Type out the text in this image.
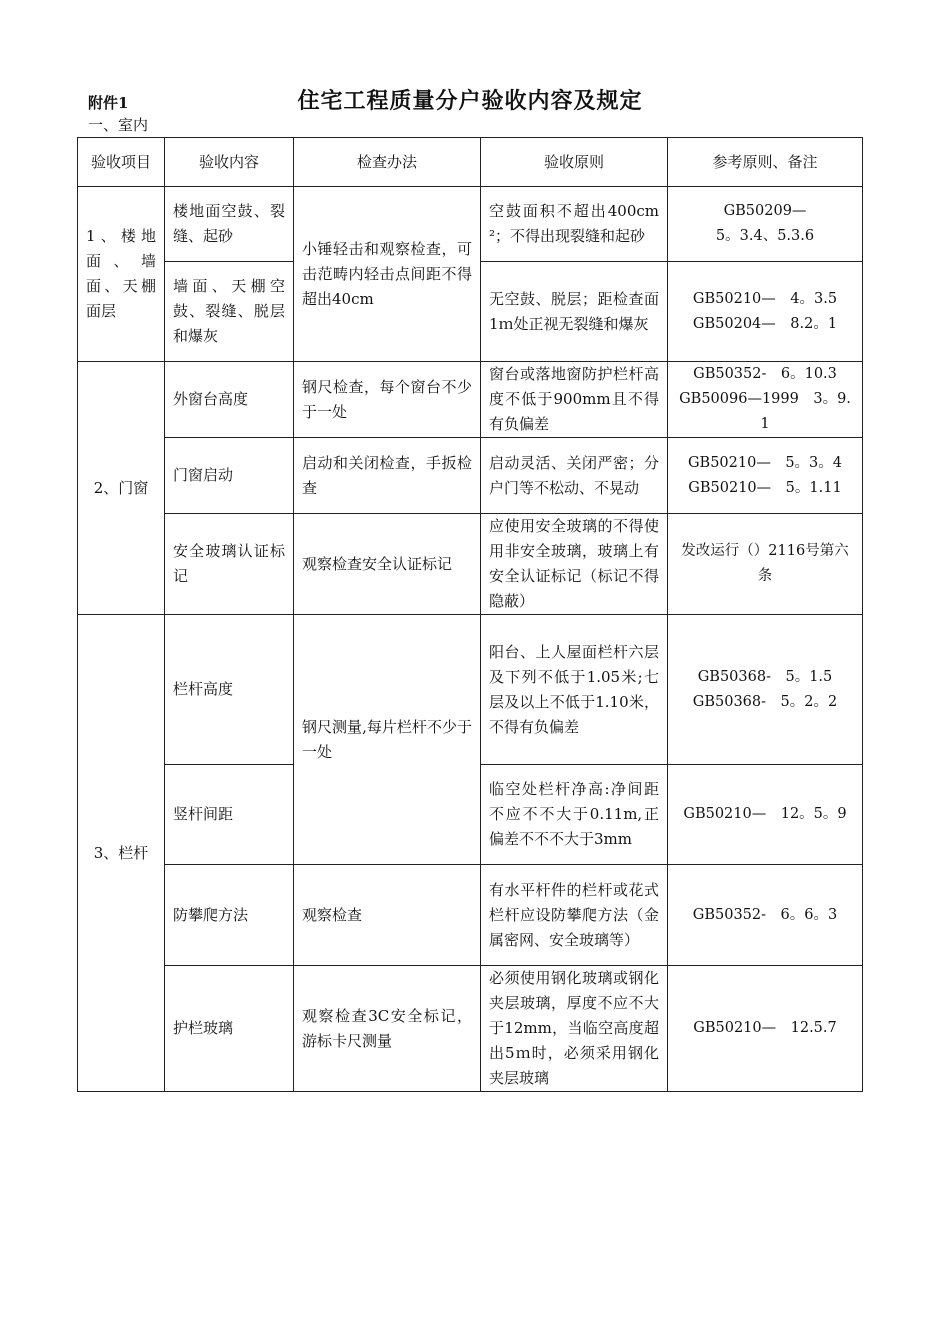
附件1	住宅工程质量分户验收内容及规定
一、室内
验收项目	验收内容	检查办法	验收原则	参考原则、备注
1、楼地面、墙面、天棚面层	楼地面空鼓、裂缝、起砂	小锤轻击和观察检查，可击范畴内轻击点间距不得超出40cm	空鼓面积不超出400cm²；不得出现裂缝和起砂	GB50209—
5。3.4、5.3.6

	墙面、天棚空鼓、裂缝、脱层和爆灰		无空鼓、脱层；距检查面1ｍ处正视无裂缝和爆灰	GB50210—　4。3.5
GB50204—　8.2。1

2、门窗	外窗台高度	钢尺检查，每个窗台不少于一处	窗台或落地窗防护栏杆高度不低于900mm且不得有负偏差	GB50352-　6。10.3
GB50096—1999　3。9.1

	门窗启动	启动和关闭检查，手扳检查	启动灵活、关闭严密；分户门等不松动、不晃动	GB50210—　5。3。4
GB50210—　5。1.11

	安全玻璃认证标记	观察检查安全认证标记	应使用安全玻璃的不得使用非安全玻璃，玻璃上有安全认证标记（标记不得隐蔽）	发改运行（）2116号第六条

3、栏杆	栏杆高度	钢尺测量,每片栏杆不少于一处	阳台、上人屋面栏杆六层及下列不低于1.05米;七层及以上不低于1.10米，不得有负偏差	GB50368-　5。1.5
GB50368-　5。2。2

	竖杆间距		临空处栏杆净高:净间距不应不不大于0.11m,正偏差不不不大于3mm	GB50210—　12。5。9

	防攀爬方法	观察检查	有水平杆件的栏杆或花式栏杆应设防攀爬方法（金属密网、安全玻璃等）	GB50352-　6。6。3

	护栏玻璃	观察检查3C安全标记，游标卡尺测量	必须使用钢化玻璃或钢化夹层玻璃，厚度不应不大于12mm，当临空高度超出5ｍ时，必须采用钢化夹层玻璃	GB50210—　12.5.7
